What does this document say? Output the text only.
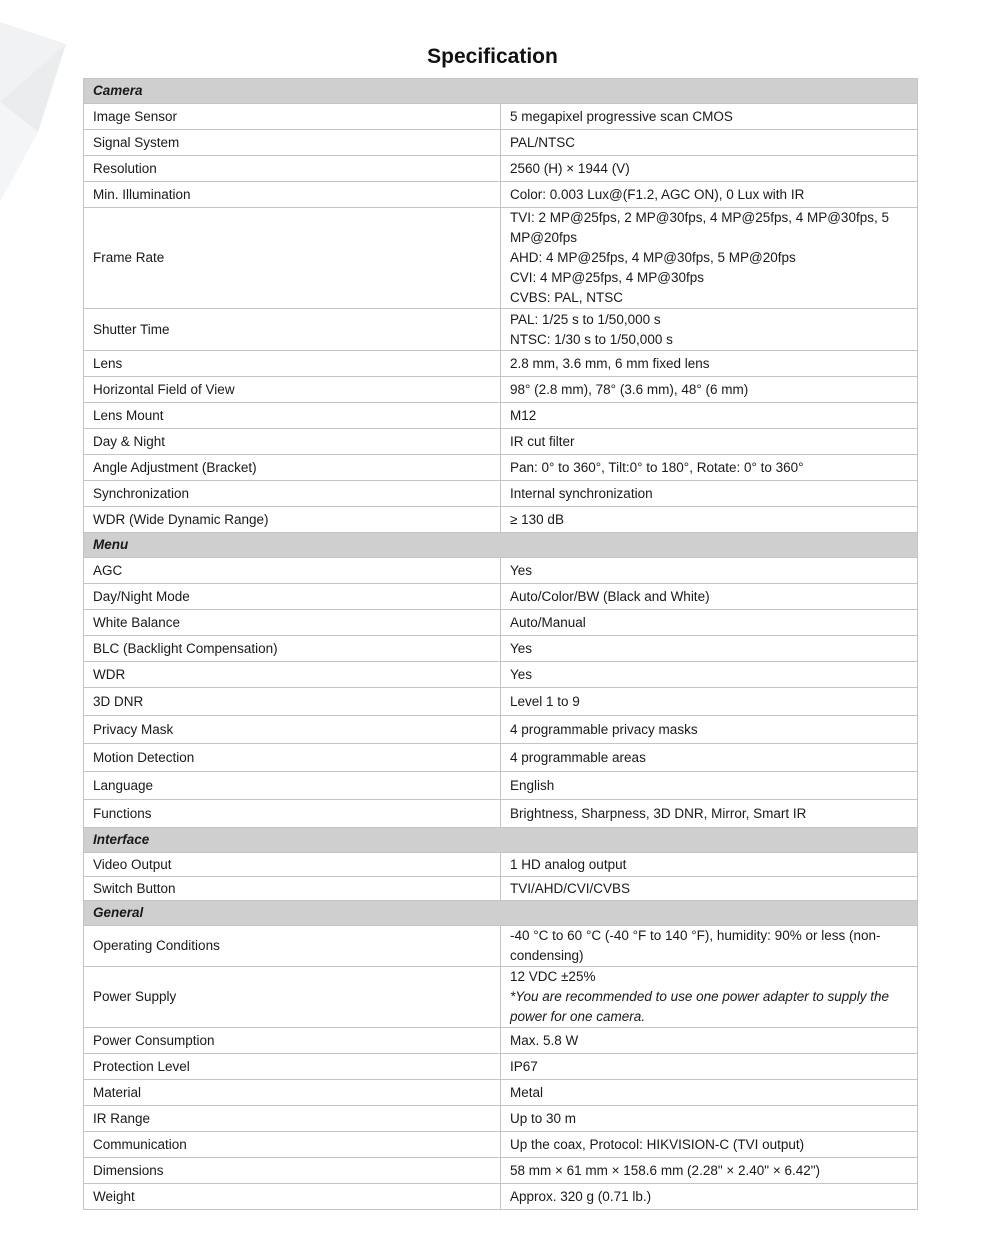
Specification
Camera	
Image Sensor	5 megapixel progressive scan CMOS

Signal System	PAL/NTSC

Resolution	2560 (H) × 1944 (V)

Min. Illumination	Color: 0.003 Lux@(F1.2, AGC ON), 0 Lux with IR

Frame Rate	TVI: 2 MP@25fps, 2 MP@30fps, 4 MP@25fps, 4 MP@30fps, 5 MP@20fps
AHD: 4 MP@25fps, 4 MP@30fps, 5 MP@20fps
CVI: 4 MP@25fps, 4 MP@30fps
CVBS: PAL, NTSC

Shutter Time	PAL: 1/25 s to 1/50,000 s
NTSC: 1/30 s to 1/50,000 s

Lens	2.8 mm, 3.6 mm, 6 mm fixed lens

Horizontal Field of View	98° (2.8 mm), 78° (3.6 mm), 48° (6 mm)

Lens Mount	M12

Day & Night	IR cut filter

Angle Adjustment (Bracket)	Pan: 0° to 360°, Tilt:0° to 180°, Rotate: 0° to 360°

Synchronization	Internal synchronization

WDR (Wide Dynamic Range)	≥ 130 dB

Menu	
AGC	Yes

Day/Night Mode	Auto/Color/BW (Black and White)

White Balance	Auto/Manual

BLC (Backlight Compensation)	Yes

WDR	Yes

3D DNR	Level 1 to 9

Privacy Mask	4 programmable privacy masks

Motion Detection	4 programmable areas

Language	English

Functions	Brightness, Sharpness, 3D DNR, Mirror, Smart IR

Interface	
Video Output	1 HD analog output

Switch Button	TVI/AHD/CVI/CVBS

General	
Operating Conditions	-40 °C to 60 °C (-40 °F to 140 °F), humidity: 90% or less (non-condensing)

Power Supply	12 VDC ±25%
*You are recommended to use one power adapter to supply the power for one camera.

Power Consumption	Max. 5.8 W

Protection Level	IP67

Material	Metal

IR Range	Up to 30 m

Communication	Up the coax, Protocol: HIKVISION-C (TVI output)

Dimensions	58 mm × 61 mm × 158.6 mm (2.28" × 2.40" × 6.42")

Weight	Approx. 320 g (0.71 lb.)
